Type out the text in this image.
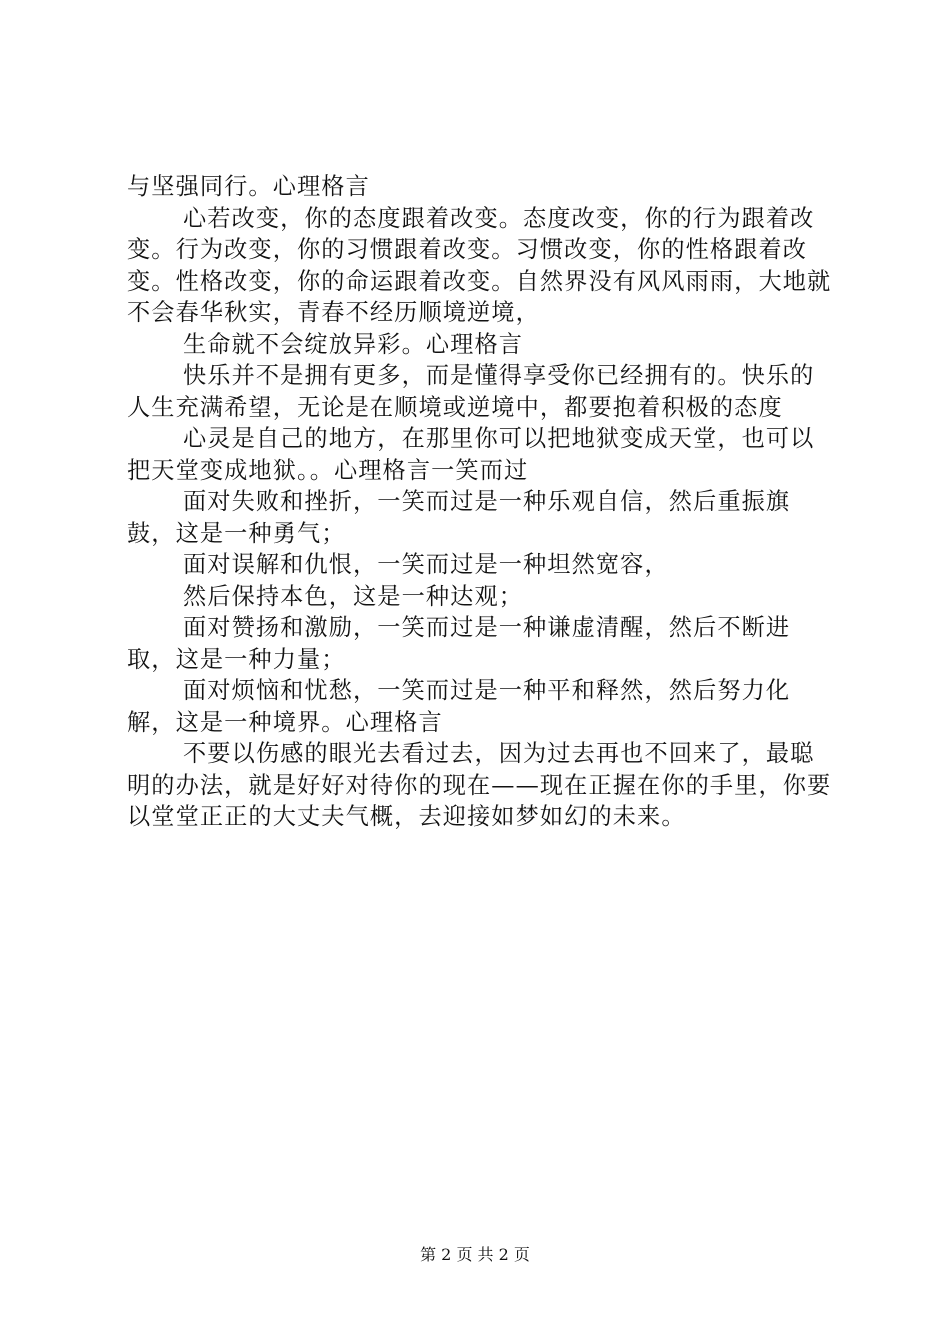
与坚强同行。心理格言

心若改变，你的态度跟着改变。态度改变，你的行为跟着改变。行为改变，你的习惯跟着改变。习惯改变，你的性格跟着改变。性格改变，你的命运跟着改变。自然界没有风风雨雨，大地就不会春华秋实，青春不经历顺境逆境，

生命就不会绽放异彩。心理格言

快乐并不是拥有更多，而是懂得享受你已经拥有的。快乐的人生充满希望，无论是在顺境或逆境中，都要抱着积极的态度

心灵是自己的地方，在那里你可以把地狱变成天堂，也可以把天堂变成地狱。。心理格言一笑而过

面对失败和挫折，一笑而过是一种乐观自信，然后重振旗鼓，这是一种勇气；

面对误解和仇恨，一笑而过是一种坦然宽容，

然后保持本色，这是一种达观；

面对赞扬和激励，一笑而过是一种谦虚清醒，然后不断进取，这是一种力量；

面对烦恼和忧愁，一笑而过是一种平和释然，然后努力化解，这是一种境界。心理格言

不要以伤感的眼光去看过去，因为过去再也不回来了，最聪明的办法，就是好好对待你的现在——现在正握在你的手里，你要以堂堂正正的大丈夫气概，去迎接如梦如幻的未来。

第 2 页 共 2 页
